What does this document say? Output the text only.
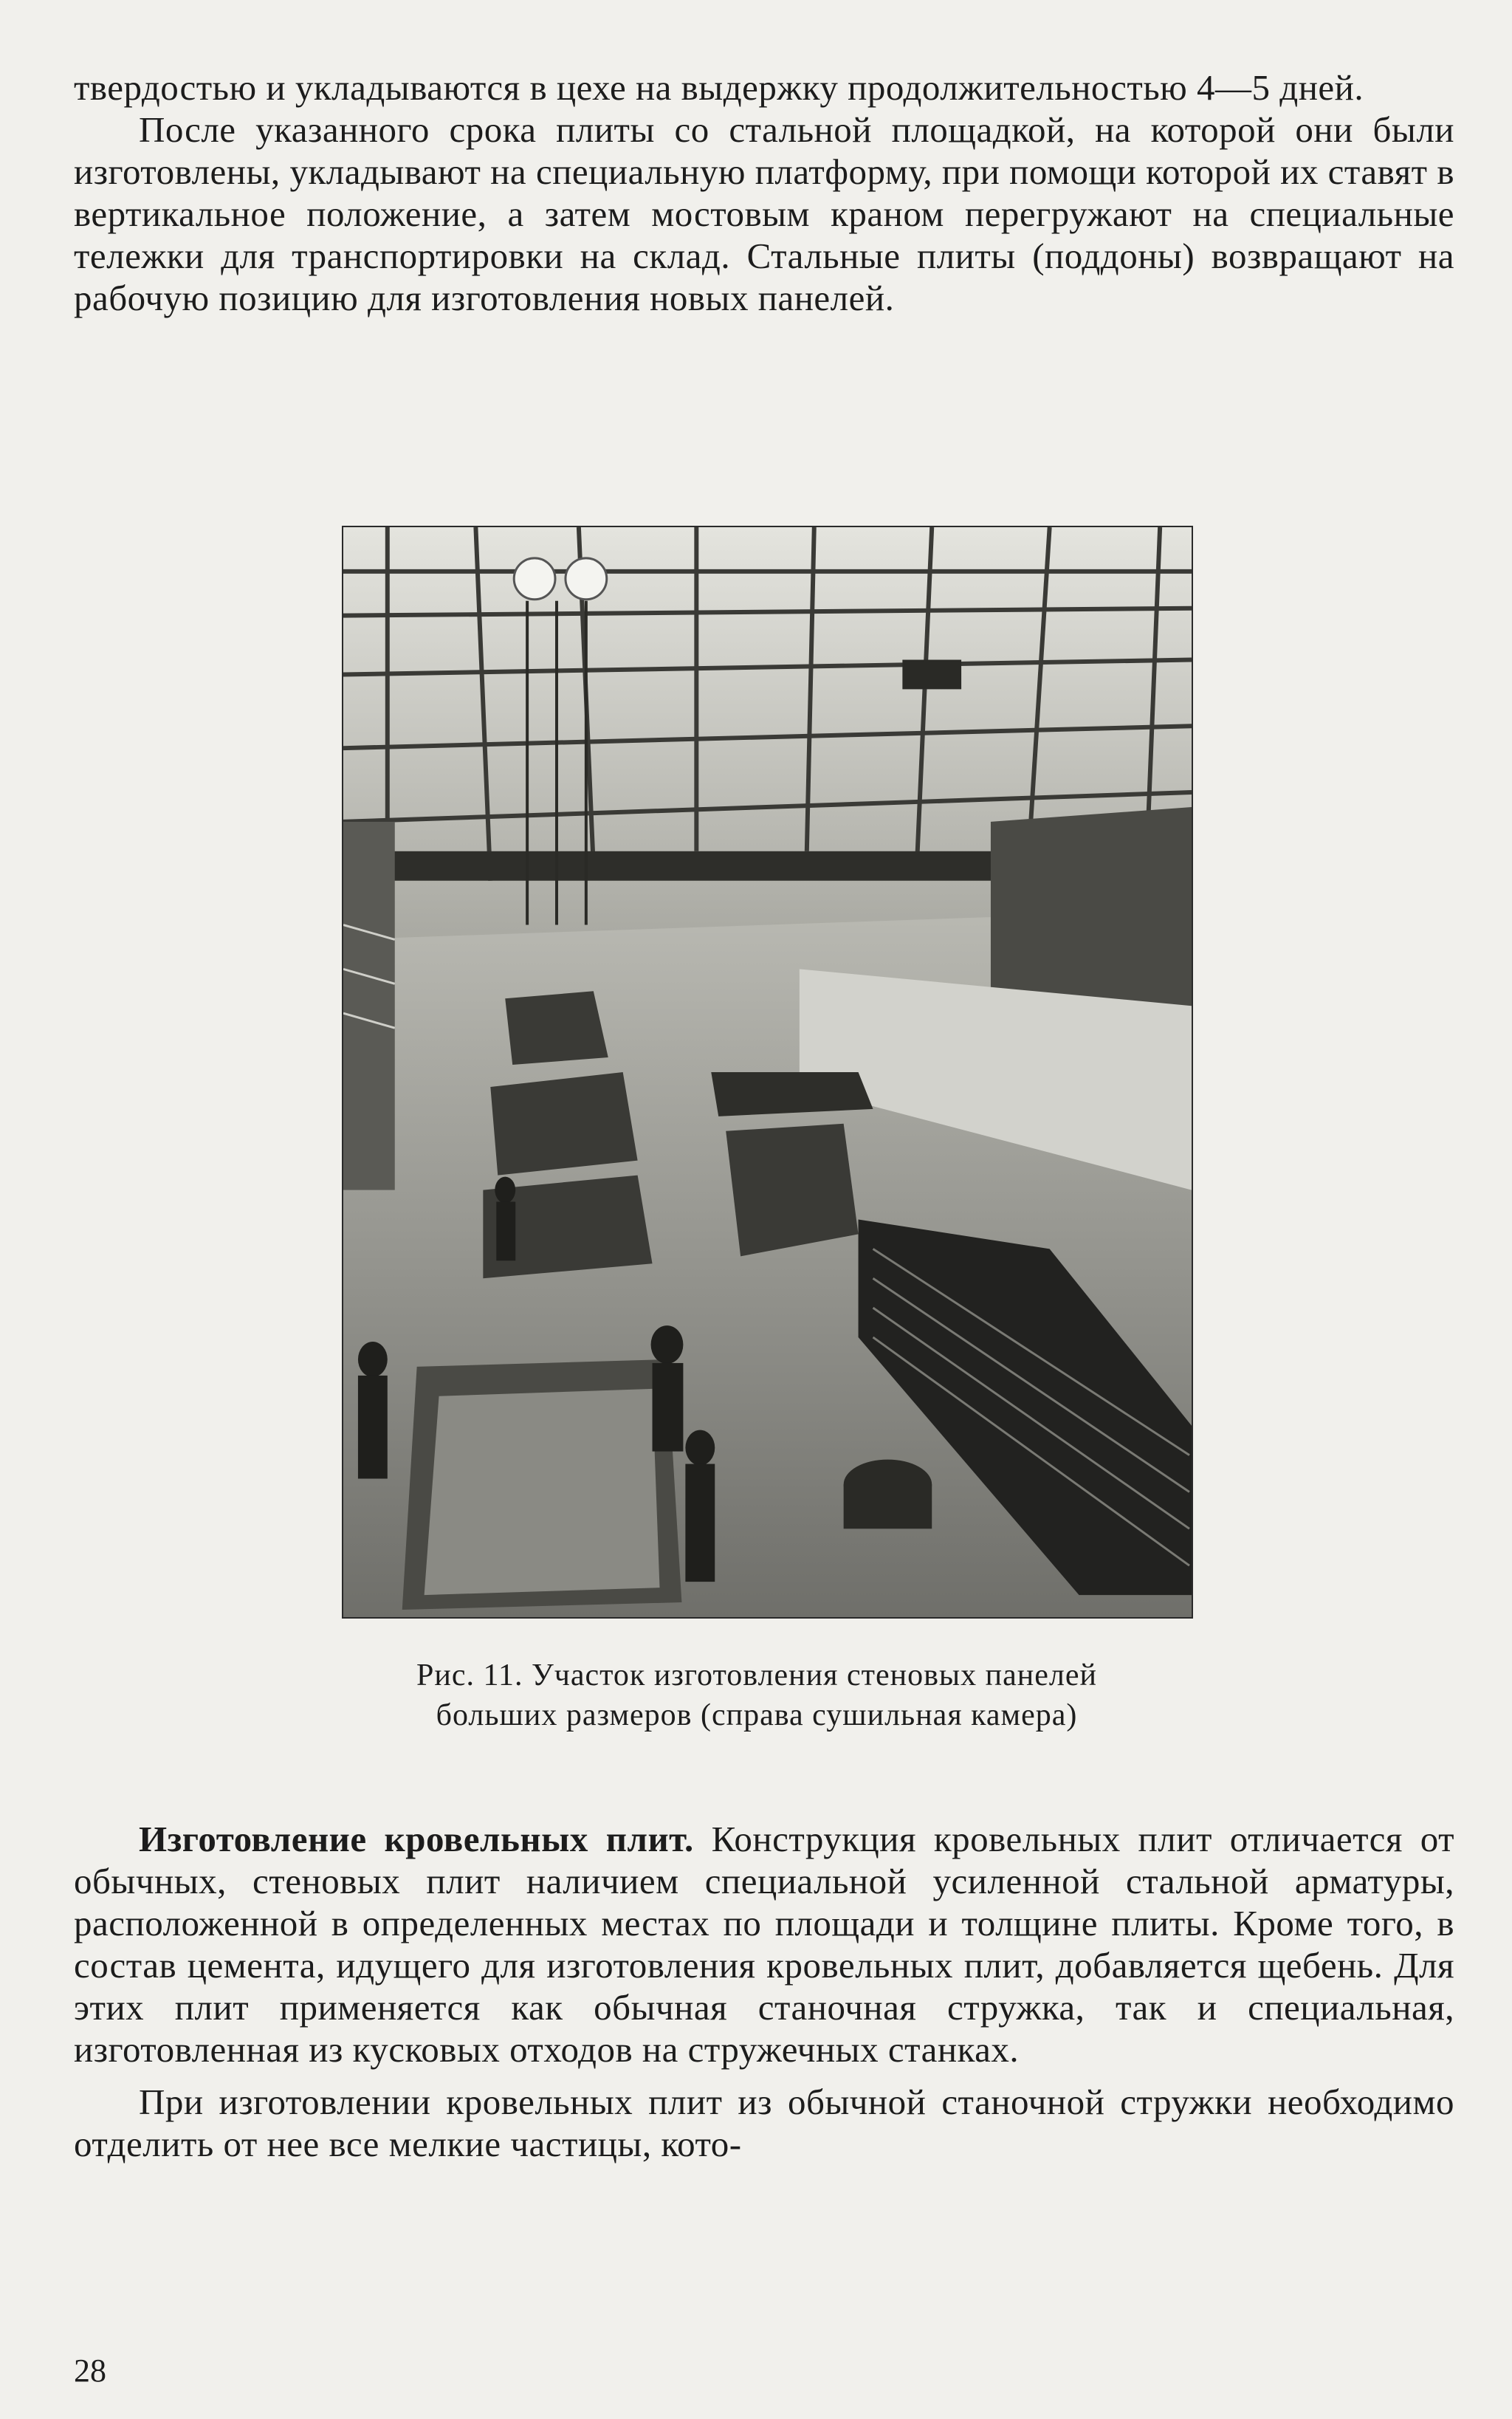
твердостью и укладываются в цехе на выдержку продолжительностью 4—5 дней.

После указанного срока плиты со стальной площадкой, на которой они были изготовлены, укладывают на специальную платформу, при помощи которой их ставят в вертикальное положение, а затем мостовым краном перегружают на специальные тележки для транспортировки на склад. Стальные плиты (поддоны) возвращают на рабочую позицию для изготовления новых панелей.

Рис. 11. Участок изготовления стеновых панелей
больших размеров (справа сушильная камера)

Изготовление кровельных плит. Конструкция кровельных плит отличается от обычных, стеновых плит наличием специальной усиленной стальной арматуры, расположенной в определенных местах по площади и толщине плиты. Кроме того, в состав цемента, идущего для изготовления кровельных плит, добавляется щебень. Для этих плит применяется как обычная станочная стружка, так и специальная, изготовленная из кусковых отходов на стружечных станках.

При изготовлении кровельных плит из обычной станочной стружки необходимо отделить от нее все мелкие частицы, кото-

28
